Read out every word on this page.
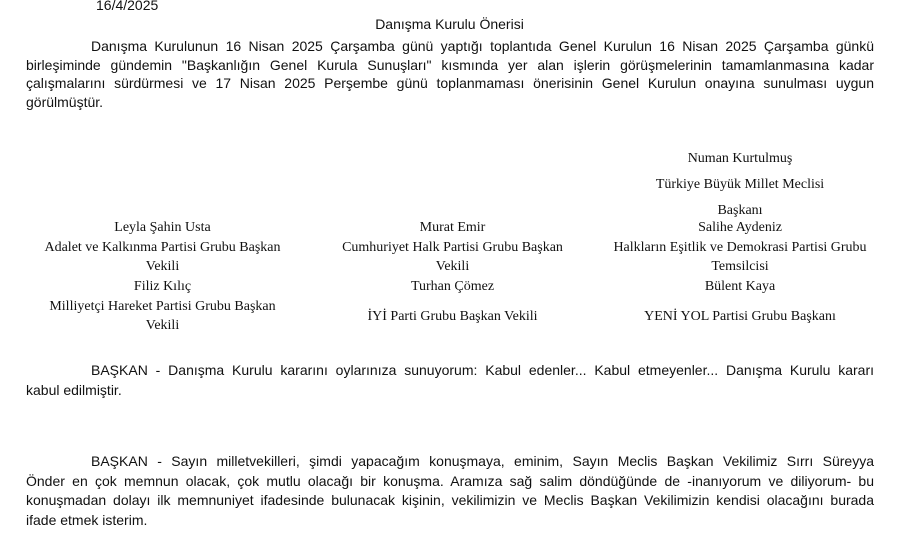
16/4/2025
Danışma Kurulu Önerisi
Danışma Kurulunun 16 Nisan 2025 Çarşamba günü yaptığı toplantıda Genel Kurulun 16 Nisan 2025 Çarşamba günkü
birleşiminde gündemin "Başkanlığın Genel Kurula Sunuşları" kısmında yer alan işlerin görüşmelerinin tamamlanmasına kadar
çalışmalarını sürdürmesi ve 17 Nisan 2025 Perşembe günü toplanmaması önerisinin Genel Kurulun onayına sunulması uygun
görülmüştür.
Numan Kurtulmuş
Türkiye Büyük Millet Meclisi
Başkanı
Leyla Şahin Usta
Adalet ve Kalkınma Partisi Grubu Başkan
Vekili
Filiz Kılıç
Milliyetçi Hareket Partisi Grubu Başkan
Vekili
Murat Emir
Cumhuriyet Halk Partisi Grubu Başkan
Vekili
Turhan Çömez
İYİ Parti Grubu Başkan Vekili
Salihe Aydeniz
Halkların Eşitlik ve Demokrasi Partisi Grubu
Temsilcisi
Bülent Kaya
YENİ YOL Partisi Grubu Başkanı
BAŞKAN - Danışma Kurulu kararını oylarınıza sunuyorum: Kabul edenler... Kabul etmeyenler... Danışma Kurulu kararı
kabul edilmiştir.
BAŞKAN - Sayın milletvekilleri, şimdi yapacağım konuşmaya, eminim, Sayın Meclis Başkan Vekilimiz Sırrı Süreyya
Önder en çok memnun olacak, çok mutlu olacağı bir konuşma. Aramıza sağ salim döndüğünde de -inanıyorum ve diliyorum- bu
konuşmadan dolayı ilk memnuniyet ifadesinde bulunacak kişinin, vekilimizin ve Meclis Başkan Vekilimizin kendisi olacağını burada
ifade etmek isterim.
